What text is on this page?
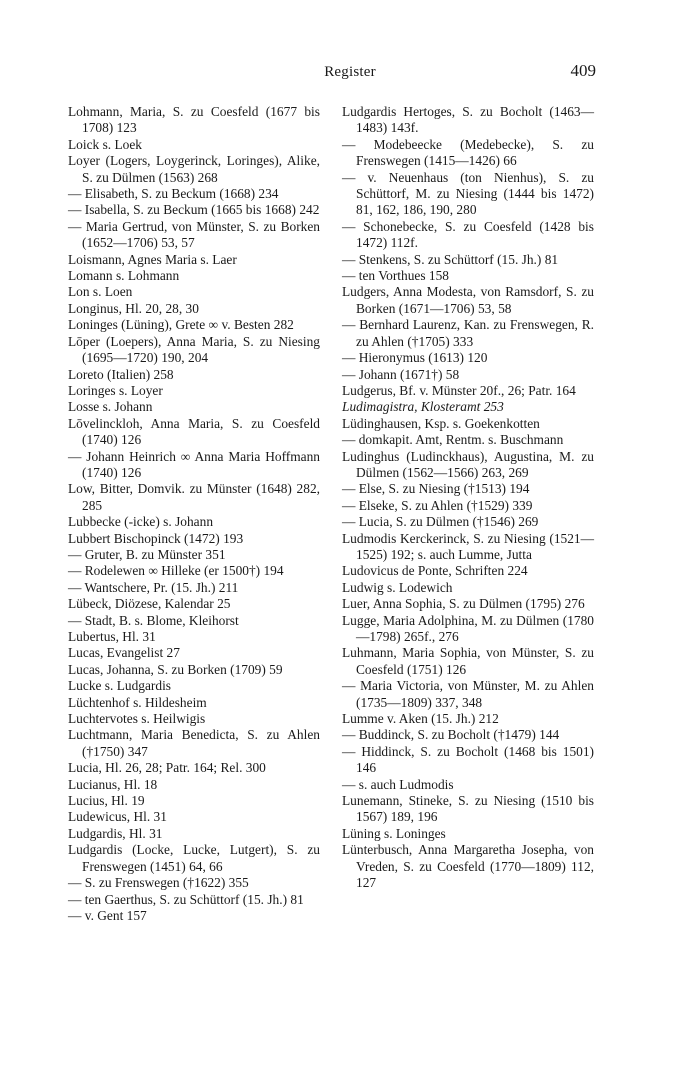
Register	409
Lohmann, Maria, S. zu Coesfeld (1677 bis 1708) 123
Loick s. Loek
Loyer (Logers, Loygerinck, Loringes), Alike, S. zu Dülmen (1563) 268
— Elisabeth, S. zu Beckum (1668) 234
— Isabella, S. zu Beckum (1665 bis 1668) 242
— Maria Gertrud, von Münster, S. zu Borken (1652—1706) 53, 57
Loismann, Agnes Maria s. Laer
Lomann s. Lohmann
Lon s. Loen
Longinus, Hl. 20, 28, 30
Loninges (Lüning), Grete ∞ v. Besten 282
Lōper (Loepers), Anna Maria, S. zu Niesing (1695—1720) 190, 204
Loreto (Italien) 258
Loringes s. Loyer
Losse s. Johann
Lōvelinckloh, Anna Maria, S. zu Coesfeld (1740) 126
— Johann Heinrich ∞ Anna Maria Hoffmann (1740) 126
Low, Bitter, Domvik. zu Münster (1648) 282, 285
Lubbecke (-icke) s. Johann
Lubbert Bischopinck (1472) 193
— Gruter, B. zu Münster 351
— Rodelewen ∞ Hilleke (er 1500†) 194
— Wantschere, Pr. (15. Jh.) 211
Lübeck, Diözese, Kalendar 25
— Stadt, B. s. Blome, Kleihorst
Lubertus, Hl. 31
Lucas, Evangelist 27
Lucas, Johanna, S. zu Borken (1709) 59
Lucke s. Ludgardis
Lüchtenhof s. Hildesheim
Luchtervotes s. Heilwigis
Luchtmann, Maria Benedicta, S. zu Ahlen (†1750) 347
Lucia, Hl. 26, 28; Patr. 164; Rel. 300
Lucianus, Hl. 18
Lucius, Hl. 19
Ludewicus, Hl. 31
Ludgardis, Hl. 31
Ludgardis (Locke, Lucke, Lutgert), S. zu Frenswegen (1451) 64, 66
— S. zu Frenswegen (†1622) 355
— ten Gaerthus, S. zu Schüttorf (15. Jh.) 81
— v. Gent 157
Ludgardis Hertoges, S. zu Bocholt (1463—1483) 143f.
— Modebeecke (Medebecke), S. zu Frenswegen (1415—1426) 66
— v. Neuenhaus (ton Nienhus), S. zu Schüttorf, M. zu Niesing (1444 bis 1472) 81, 162, 186, 190, 280
— Schonebecke, S. zu Coesfeld (1428 bis 1472) 112f.
— Stenkens, S. zu Schüttorf (15. Jh.) 81
— ten Vorthues 158
Ludgers, Anna Modesta, von Ramsdorf, S. zu Borken (1671—1706) 53, 58
— Bernhard Laurenz, Kan. zu Frenswegen, R. zu Ahlen (†1705) 333
— Hieronymus (1613) 120
— Johann (1671†) 58
Ludgerus, Bf. v. Münster 20f., 26; Patr. 164
Ludimagistra, Klosteramt 253
Lüdinghausen, Ksp. s. Goekenkotten
— domkapit. Amt, Rentm. s. Buschmann
Ludinghus (Ludinckhaus), Augustina, M. zu Dülmen (1562—1566) 263, 269
— Else, S. zu Niesing (†1513) 194
— Elseke, S. zu Ahlen (†1529) 339
— Lucia, S. zu Dülmen (†1546) 269
Ludmodis Kerckerinck, S. zu Niesing (1521—1525) 192; s. auch Lumme, Jutta
Ludovicus de Ponte, Schriften 224
Ludwig s. Lodewich
Luer, Anna Sophia, S. zu Dülmen (1795) 276
Lugge, Maria Adolphina, M. zu Dülmen (1780—1798) 265f., 276
Luhmann, Maria Sophia, von Münster, S. zu Coesfeld (1751) 126
— Maria Victoria, von Münster, M. zu Ahlen (1735—1809) 337, 348
Lumme v. Aken (15. Jh.) 212
— Buddinck, S. zu Bocholt (†1479) 144
— Hiddinck, S. zu Bocholt (1468 bis 1501) 146
— s. auch Ludmodis
Lunemann, Stineke, S. zu Niesing (1510 bis 1567) 189, 196
Lüning s. Loninges
Lünterbusch, Anna Margaretha Josepha, von Vreden, S. zu Coesfeld (1770—1809) 112, 127
